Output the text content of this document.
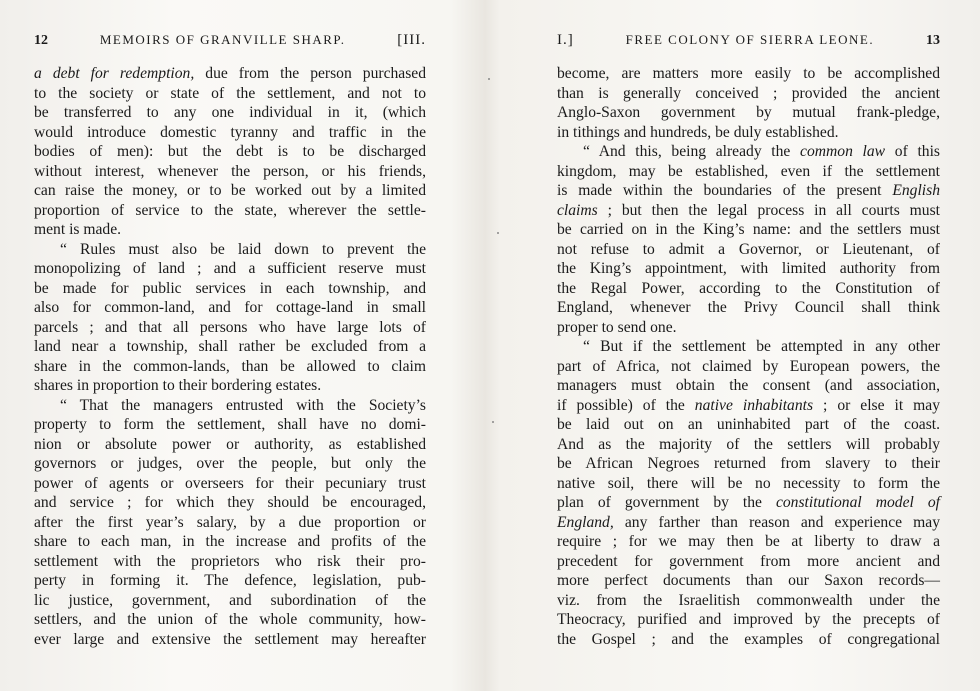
12	MEMOIRS OF GRANVILLE SHARP.	[III.
a debt for redemption, due from the person purchased
to the society or state of the settlement, and not to
be transferred to any one individual in it, (which
would introduce domestic tyranny and traffic in the
bodies of men): but the debt is to be discharged
without interest, whenever the person, or his friends,
can raise the money, or to be worked out by a limited
proportion of service to the state, wherever the settle-
ment is made.
“ Rules must also be laid down to prevent the
monopolizing of land ; and a sufficient reserve must
be made for public services in each township, and
also for common-land, and for cottage-land in small
parcels ; and that all persons who have large lots of
land near a township, shall rather be excluded from a
share in the common-lands, than be allowed to claim
shares in proportion to their bordering estates.
“ That the managers entrusted with the Society’s
property to form the settlement, shall have no domi-
nion or absolute power or authority, as established
governors or judges, over the people, but only the
power of agents or overseers for their pecuniary trust
and service ; for which they should be encouraged,
after the first year’s salary, by a due proportion or
share to each man, in the increase and profits of the
settlement with the proprietors who risk their pro-
perty in forming it. The defence, legislation, pub-
lic justice, government, and subordination of the
settlers, and the union of the whole community, how-
ever large and extensive the settlement may hereafter
I.]	FREE COLONY OF SIERRA LEONE.	13
become, are matters more easily to be accomplished
than is generally conceived ; provided the ancient
Anglo-Saxon government by mutual frank-pledge,
in tithings and hundreds, be duly established.
“ And this, being already the common law of this
kingdom, may be established, even if the settlement
is made within the boundaries of the present English
claims ; but then the legal process in all courts must
be carried on in the King’s name: and the settlers must
not refuse to admit a Governor, or Lieutenant, of
the King’s appointment, with limited authority from
the Regal Power, according to the Constitution of
England, whenever the Privy Council shall think
proper to send one.
“ But if the settlement be attempted in any other
part of Africa, not claimed by European powers, the
managers must obtain the consent (and association,
if possible) of the native inhabitants ; or else it may
be laid out on an uninhabited part of the coast.
And as the majority of the settlers will probably
be African Negroes returned from slavery to their
native soil, there will be no necessity to form the
plan of government by the constitutional model of
England, any farther than reason and experience may
require ; for we may then be at liberty to draw a
precedent for government from more ancient and
more perfect documents than our Saxon records—
viz. from the Israelitish commonwealth under the
Theocracy, purified and improved by the precepts of
the Gospel ; and the examples of congregational
